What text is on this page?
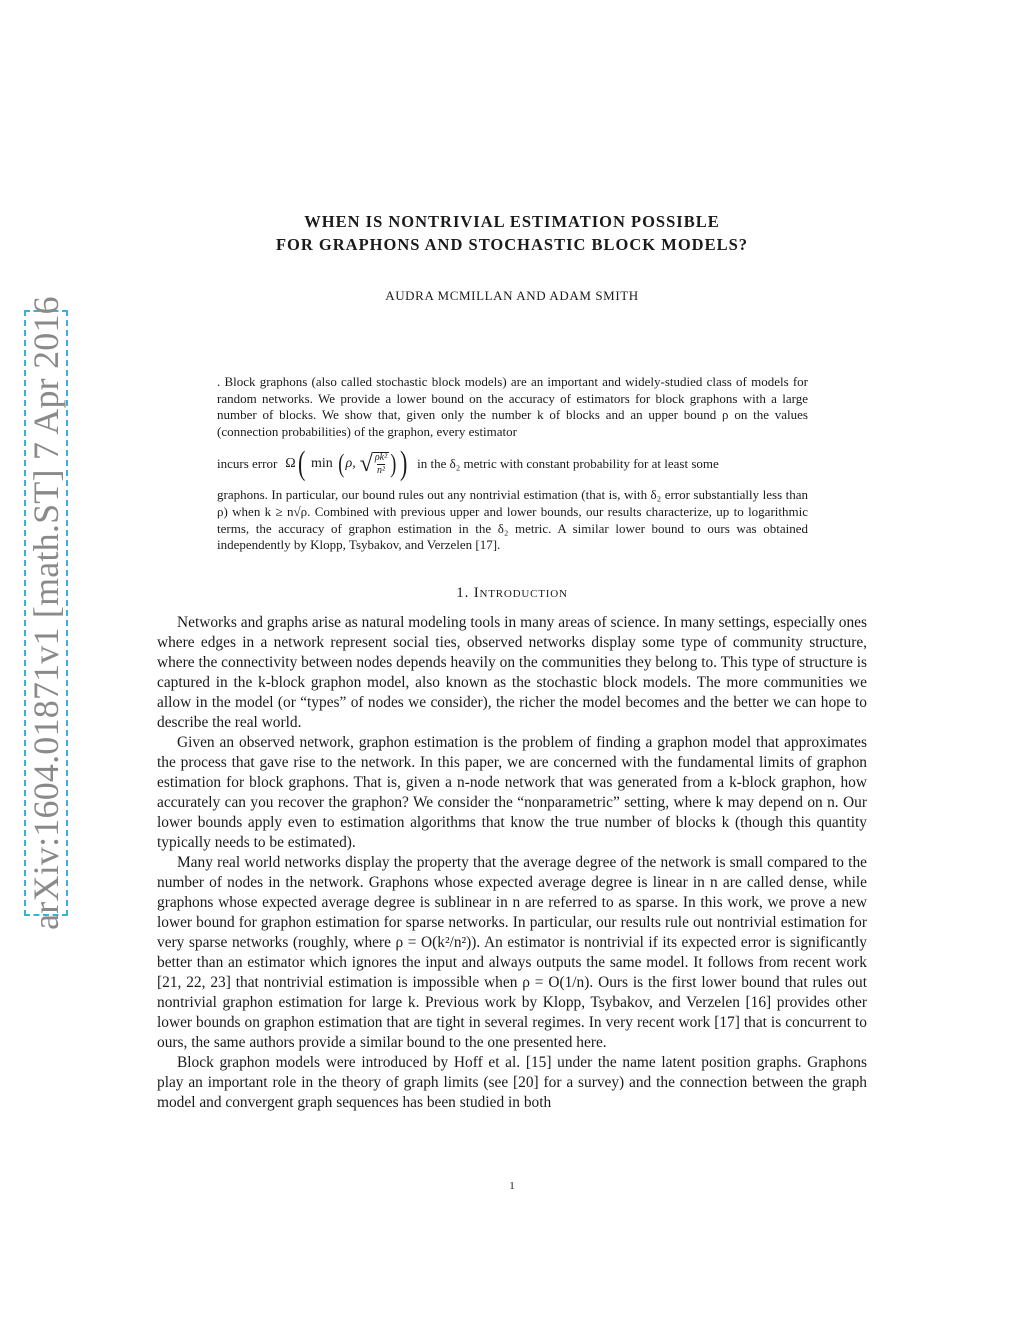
arXiv:1604.01871v1 [math.ST] 7 Apr 2016
WHEN IS NONTRIVIAL ESTIMATION POSSIBLE
FOR GRAPHONS AND STOCHASTIC BLOCK MODELS?
AUDRA MCMILLAN AND ADAM SMITH

. Block graphons (also called stochastic block models) are an important and widely-studied class of models for random networks. We provide a lower bound on the accuracy of estimators for block graphons with a large number of blocks. We show that, given only the number k of blocks and an upper bound ρ on the values (connection probabilities) of the graphon, every estimator

incurs error Ω ( min ( ρ, √ $\frac{\text{ρk²}}{\text{n²}}$ ) ) in the δ₂ metric with constant probability for at least some

graphons. In particular, our bound rules out any nontrivial estimation (that is, with δ₂ error substantially less than ρ) when k ≥ n√ρ. Combined with previous upper and lower bounds, our results characterize, up to logarithmic terms, the accuracy of graphon estimation in the δ₂ metric. A similar lower bound to ours was obtained independently by Klopp, Tsybakov, and Verzelen [17].

1. Introduction

Networks and graphs arise as natural modeling tools in many areas of science. In many settings, especially ones where edges in a network represent social ties, observed networks display some type of community structure, where the connectivity between nodes depends heavily on the communities they belong to. This type of structure is captured in the k-block graphon model, also known as the stochastic block models. The more communities we allow in the model (or “types” of nodes we consider), the richer the model becomes and the better we can hope to describe the real world.

Given an observed network, graphon estimation is the problem of finding a graphon model that approximates the process that gave rise to the network. In this paper, we are concerned with the fundamental limits of graphon estimation for block graphons. That is, given a n-node network that was generated from a k-block graphon, how accurately can you recover the graphon? We consider the “nonparametric” setting, where k may depend on n. Our lower bounds apply even to estimation algorithms that know the true number of blocks k (though this quantity typically needs to be estimated).

Many real world networks display the property that the average degree of the network is small compared to the number of nodes in the network. Graphons whose expected average degree is linear in n are called dense, while graphons whose expected average degree is sublinear in n are referred to as sparse. In this work, we prove a new lower bound for graphon estimation for sparse networks. In particular, our results rule out nontrivial estimation for very sparse networks (roughly, where ρ = O(k²/n²)). An estimator is nontrivial if its expected error is significantly better than an estimator which ignores the input and always outputs the same model. It follows from recent work [21, 22, 23] that nontrivial estimation is impossible when ρ = O(1/n). Ours is the first lower bound that rules out nontrivial graphon estimation for large k. Previous work by Klopp, Tsybakov, and Verzelen [16] provides other lower bounds on graphon estimation that are tight in several regimes. In very recent work [17] that is concurrent to ours, the same authors provide a similar bound to the one presented here.

Block graphon models were introduced by Hoff et al. [15] under the name latent position graphs. Graphons play an important role in the theory of graph limits (see [20] for a survey) and the connection between the graph model and convergent graph sequences has been studied in both

1
